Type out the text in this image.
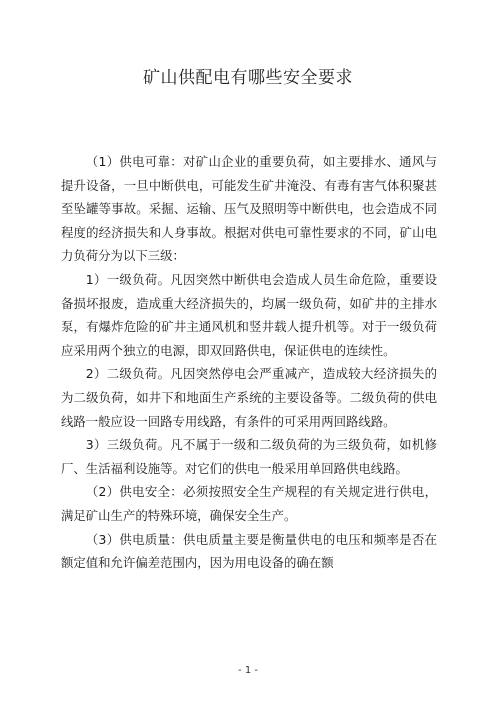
矿山供配电有哪些安全要求

（1）供电可靠：对矿山企业的重要负荷，如主要排水、通风与提升设备，一旦中断供电，可能发生矿井淹没、有毒有害气体积聚甚至坠罐等事故。采掘、运输、压气及照明等中断供电，也会造成不同程度的经济损失和人身事故。根据对供电可靠性要求的不同，矿山电力负荷分为以下三级：

1）一级负荷。凡因突然中断供电会造成人员生命危险，重要设备损坏报废，造成重大经济损失的，均属一级负荷，如矿井的主排水泵，有爆炸危险的矿井主通风机和竖井载人提升机等。对于一级负荷应采用两个独立的电源，即双回路供电，保证供电的连续性。

2）二级负荷。凡因突然停电会严重减产，造成较大经济损失的为二级负荷，如井下和地面生产系统的主要设备等。二级负荷的供电线路一般应设一回路专用线路，有条件的可采用两回路线路。

3）三级负荷。凡不属于一级和二级负荷的为三级负荷，如机修厂、生活福利设施等。对它们的供电一般采用单回路供电线路。

（2）供电安全：必须按照安全生产规程的有关规定进行供电，满足矿山生产的特殊环境，确保安全生产。

（3）供电质量：供电质量主要是衡量供电的电压和频率是否在额定值和允许偏差范围内，因为用电设备的确在额

- 1 -
